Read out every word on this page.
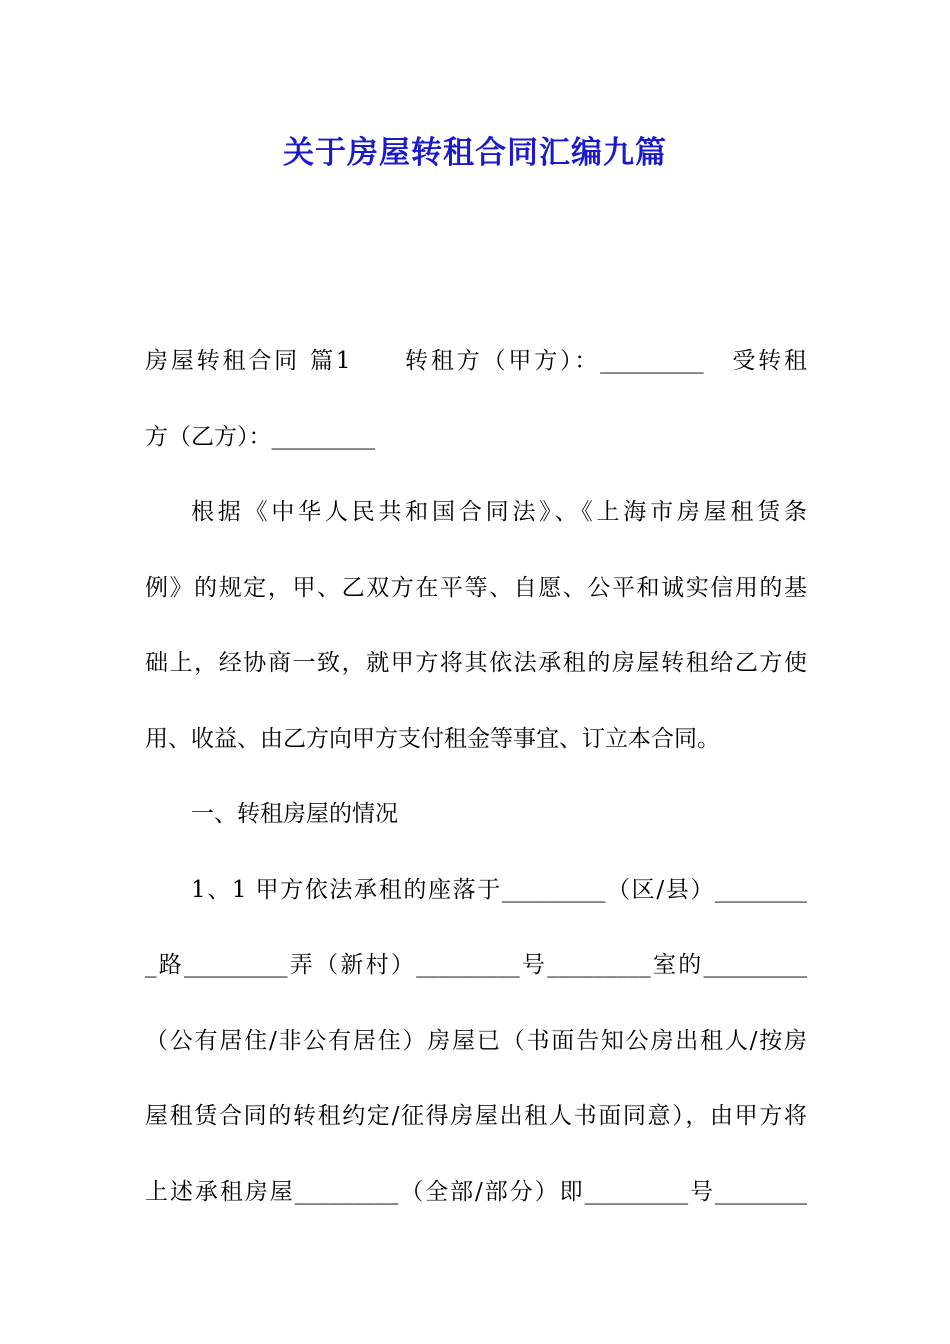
关于房屋转租合同汇编九篇
房屋转租合同 篇1　　转租方（甲方）：_________　受转租
方（乙方）：_________
根据《中华人民共和国合同法》、《上海市房屋租赁条
例》的规定，甲、乙双方在平等、自愿、公平和诚实信用的基
础上，经协商一致，就甲方将其依法承租的房屋转租给乙方使
用、收益、由乙方向甲方支付租金等事宜、订立本合同。
一、转租房屋的情况
1、1 甲方依法承租的座落于_________（区/县）________
_路_________弄（新村）_________号_________室的_________
（公有居住/非公有居住）房屋已（书面告知公房出租人/按房
屋租赁合同的转租约定/征得房屋出租人书面同意），由甲方将
上述承租房屋_________（全部/部分）即_________号________
